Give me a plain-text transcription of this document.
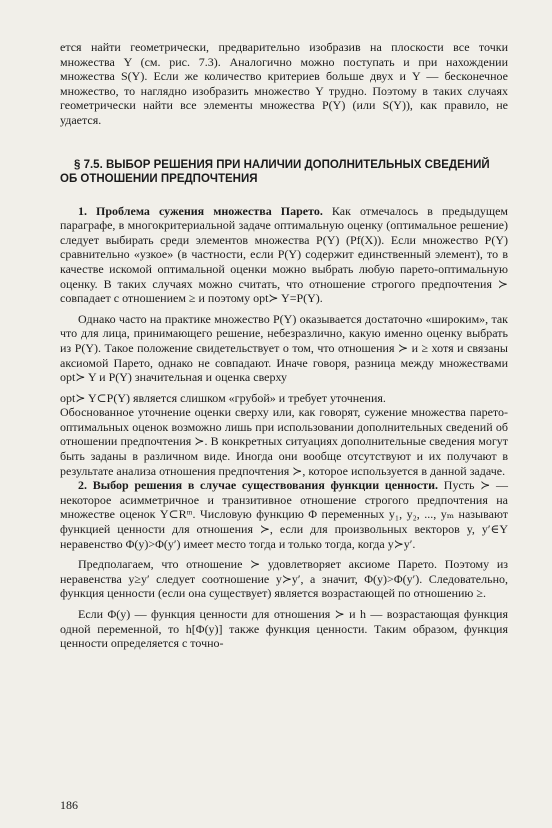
ется найти геометрически, предварительно изобразив на плоскости все точки множества Y (см. рис. 7.3). Аналогично можно поступать и при нахождении множества S(Y). Если же количество критериев больше двух и Y — бесконечное множество, то наглядно изобразить множество Y трудно. Поэтому в таких случаях геометрически найти все элементы множества P(Y) (или S(Y)), как правило, не удается.

§ 7.5. ВЫБОР РЕШЕНИЯ ПРИ НАЛИЧИИ ДОПОЛНИТЕЛЬНЫХ СВЕДЕНИЙ ОБ ОТНОШЕНИИ ПРЕДПОЧТЕНИЯ

1. Проблема сужения множества Парето. Как отмечалось в предыдущем параграфе, в многокритериальной задаче оптимальную оценку (оптимальное решение) следует выбирать среди элементов множества P(Y) (Pf(X)). Если множество P(Y) сравнительно «узкое» (в частности, если P(Y) содержит единственный элемент), то в качестве искомой оптимальной оценки можно выбрать любую парето-оптимальную оценку. В таких случаях можно считать, что отношение строгого предпочтения ≻ совпадает с отношением ≥ и поэтому opt≻ Y=P(Y).

Однако часто на практике множество P(Y) оказывается достаточно «широким», так что для лица, принимающего решение, небезразлично, какую именно оценку выбрать из P(Y). Такое положение свидетельствует о том, что отношения ≻ и ≥ хотя и связаны аксиомой Парето, однако не совпадают. Иначе говоря, разница между множествами opt≻ Y и P(Y) значительная и оценка сверху

opt≻ Y⊂P(Y) является слишком «грубой» и требует уточнения.

Обоснованное уточнение оценки сверху или, как говорят, сужение множества парето-оптимальных оценок возможно лишь при использовании дополнительных сведений об отношении предпочтения ≻. В конкретных ситуациях дополнительные сведения могут быть заданы в различном виде. Иногда они вообще отсутствуют и их получают в результате анализа отношения предпочтения ≻, которое используется в данной задаче.

2. Выбор решения в случае существования функции ценности. Пусть ≻ — некоторое асимметричное и транзитивное отношение строгого предпочтения на множестве оценок Y⊂Rᵐ. Числовую функцию Φ переменных y₁, y₂, ..., yₘ называют функцией ценности для отношения ≻, если для произвольных векторов y, y′∈Y неравенство Φ(y)>Φ(y′) имеет место тогда и только тогда, когда y≻y′.

Предполагаем, что отношение ≻ удовлетворяет аксиоме Парето. Поэтому из неравенства y≥y′ следует соотношение y≻y′, а значит, Φ(y)>Φ(y′). Следовательно, функция ценности (если она существует) является возрастающей по отношению ≥.

Если Φ(y) — функция ценности для отношения ≻ и h — возрастающая функция одной переменной, то h[Φ(y)] также функция ценности. Таким образом, функция ценности определяется с точно-

186
